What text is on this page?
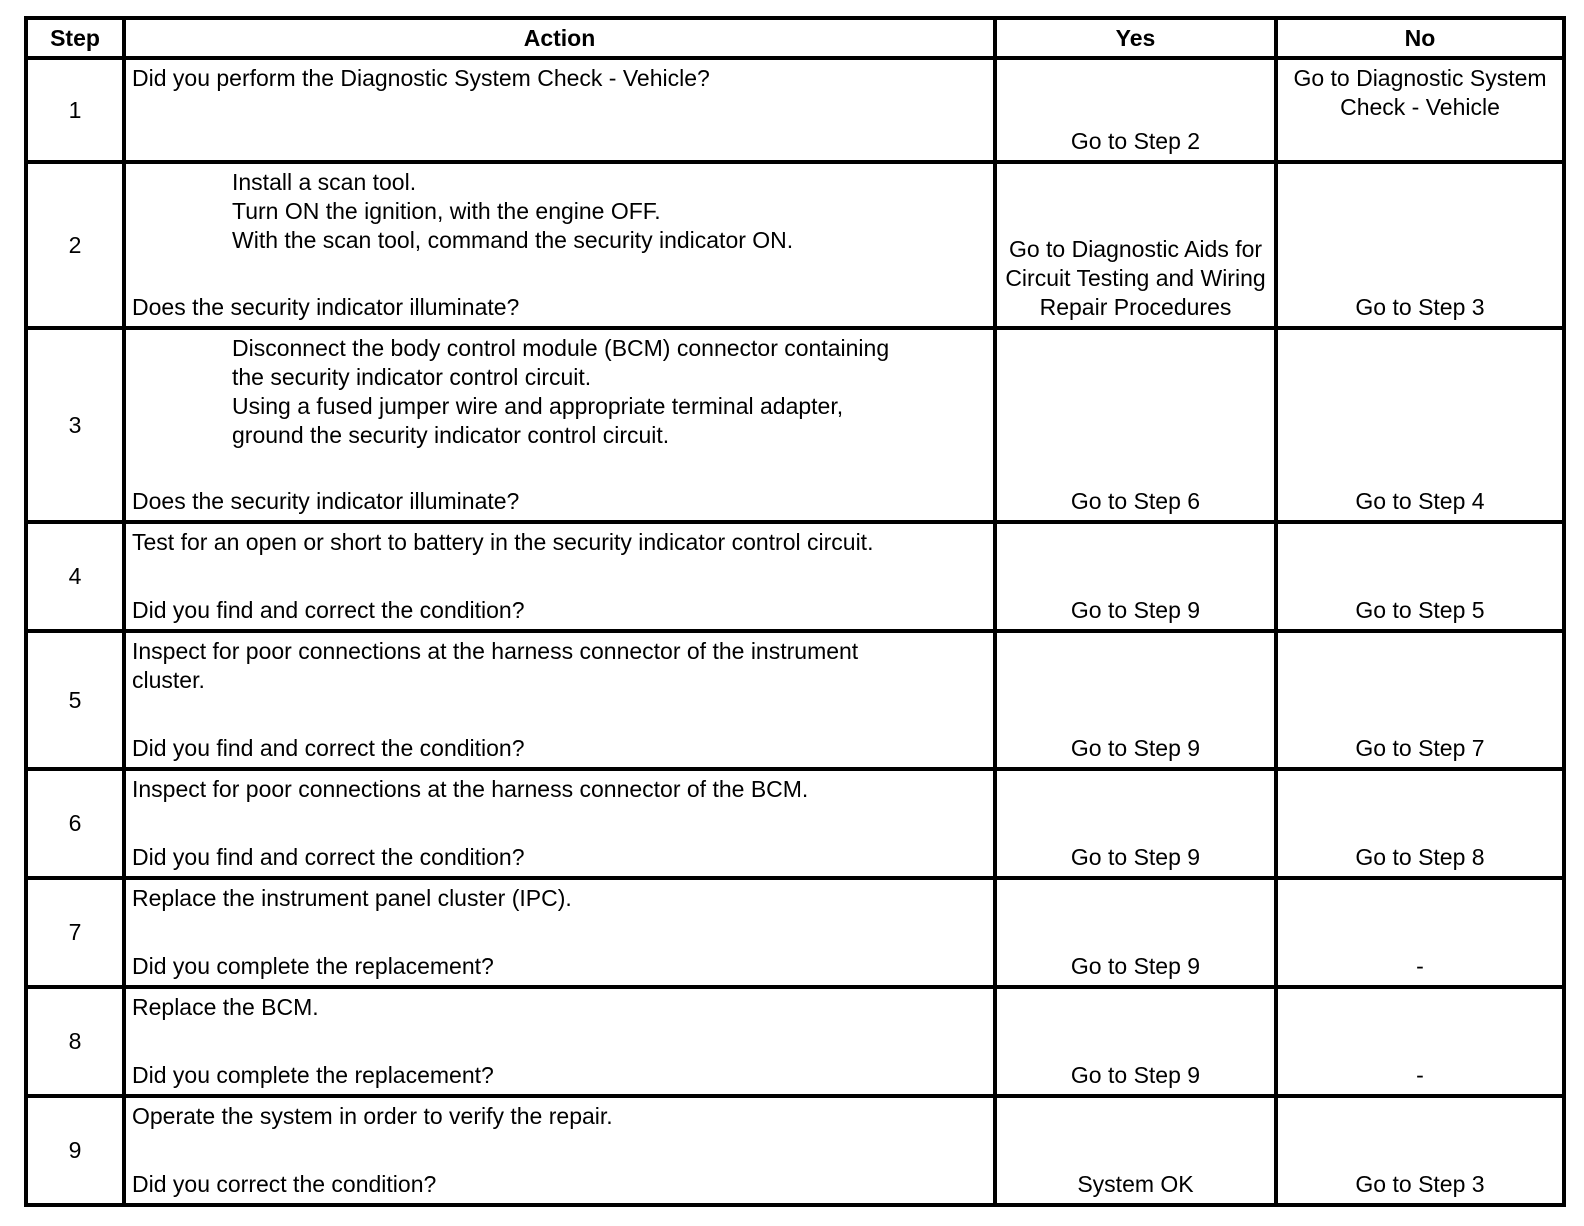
Step	Action	Yes	No
1	Did you perform the Diagnostic System Check - Vehicle?	Go to Step 2	Go to Diagnostic System Check - Vehicle
2	Install a scan tool.
Turn ON the ignition, with the engine OFF.
With the scan tool, command the security indicator ON.
Does the security indicator illuminate?	Go to Diagnostic Aids for Circuit Testing and Wiring Repair Procedures	Go to Step 3
3	Disconnect the body control module (BCM) connector containing
the security indicator control circuit.
Using a fused jumper wire and appropriate terminal adapter,
ground the security indicator control circuit.
Does the security indicator illuminate?	Go to Step 6	Go to Step 4
4	Test for an open or short to battery in the security indicator control circuit.
Did you find and correct the condition?	Go to Step 9	Go to Step 5
5	Inspect for poor connections at the harness connector of the instrument
cluster.
Did you find and correct the condition?	Go to Step 9	Go to Step 7
6	Inspect for poor connections at the harness connector of the BCM.
Did you find and correct the condition?	Go to Step 9	Go to Step 8
7	Replace the instrument panel cluster (IPC).
Did you complete the replacement?	Go to Step 9	-
8	Replace the BCM.
Did you complete the replacement?	Go to Step 9	-
9	Operate the system in order to verify the repair.
Did you correct the condition?	System OK	Go to Step 3
